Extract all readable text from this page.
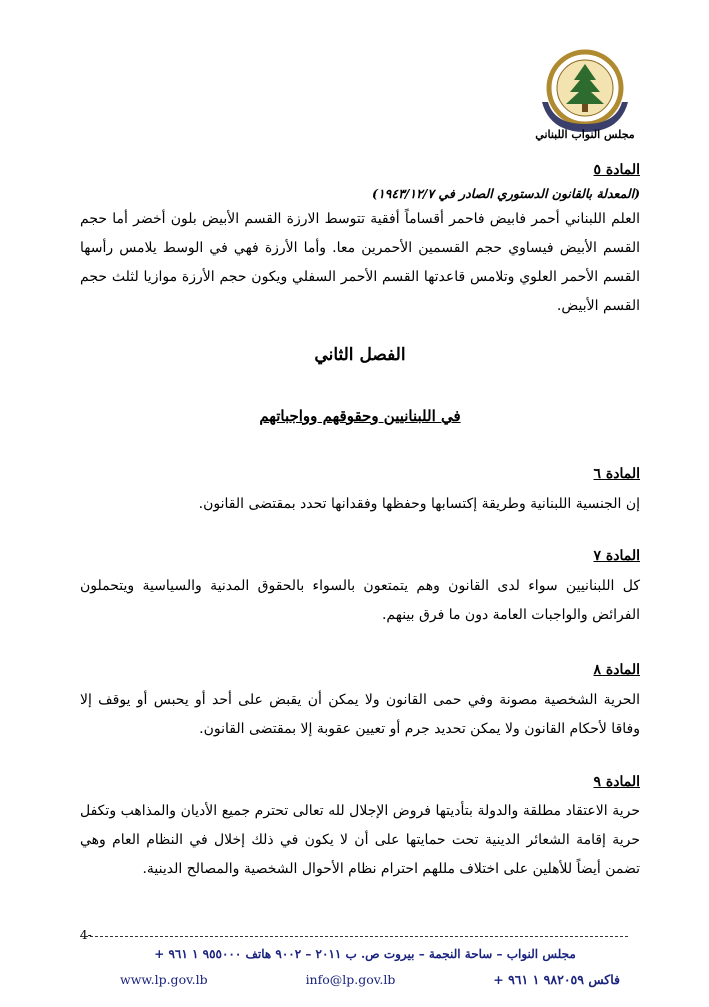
مجلس النواب اللبناني
المادة ٥
(المعدلة بالقانون الدستوري الصادر في ١٩٤٣/١٢/٧)
العلم اللبناني أحمر فابيض فاحمر أقساماً أفقية تتوسط الارزة القسم الأبيض بلون أخضر أما حجم القسم الأبيض فيساوي حجم القسمين الأحمرين معا. وأما الأرزة فهي في الوسط يلامس رأسها القسم الأحمر العلوي وتلامس قاعدتها القسم الأحمر السفلي ويكون حجم الأرزة موازيا لثلث حجم القسم الأبيض.
الفصل الثاني
في اللبنانيين وحقوقهم وواجباتهم
المادة ٦
إن الجنسية اللبنانية وطريقة إكتسابها وحفظها وفقدانها تحدد بمقتضى القانون.
المادة ٧
كل اللبنانيين سواء لدى القانون وهم يتمتعون بالسواء بالحقوق المدنية والسياسية ويتحملون الفرائض والواجبات العامة دون ما فرق بينهم.
المادة ٨
الحرية الشخصية مصونة وفي حمى القانون ولا يمكن أن يقبض على أحد أو يحبس أو يوقف إلا وفاقا لأحكام القانون ولا يمكن تحديد جرم أو تعيين عقوبة إلا بمقتضى القانون.
المادة ٩
حرية الاعتقاد مطلقة والدولة بتأديتها فروض الإجلال لله تعالى تحترم جميع الأديان والمذاهب وتكفل حرية إقامة الشعائر الدينية تحت حمايتها على أن لا يكون في ذلك إخلال في النظام العام وهي تضمن أيضاً للأهلين على اختلاف مللهم احترام نظام الأحوال الشخصية والمصالح الدينية.
4-
مجلس النواب – ساحة النجمة – بيروت ص. ب ٢٠١١ – ٩٠٠٢ هاتف ٩٥٥٠٠٠ ١ ٩٦١ +
www.lp.gov.lb	info@lp.gov.lb	فاكس ٩٨٢٠٥٩ ١ ٩٦١ +
